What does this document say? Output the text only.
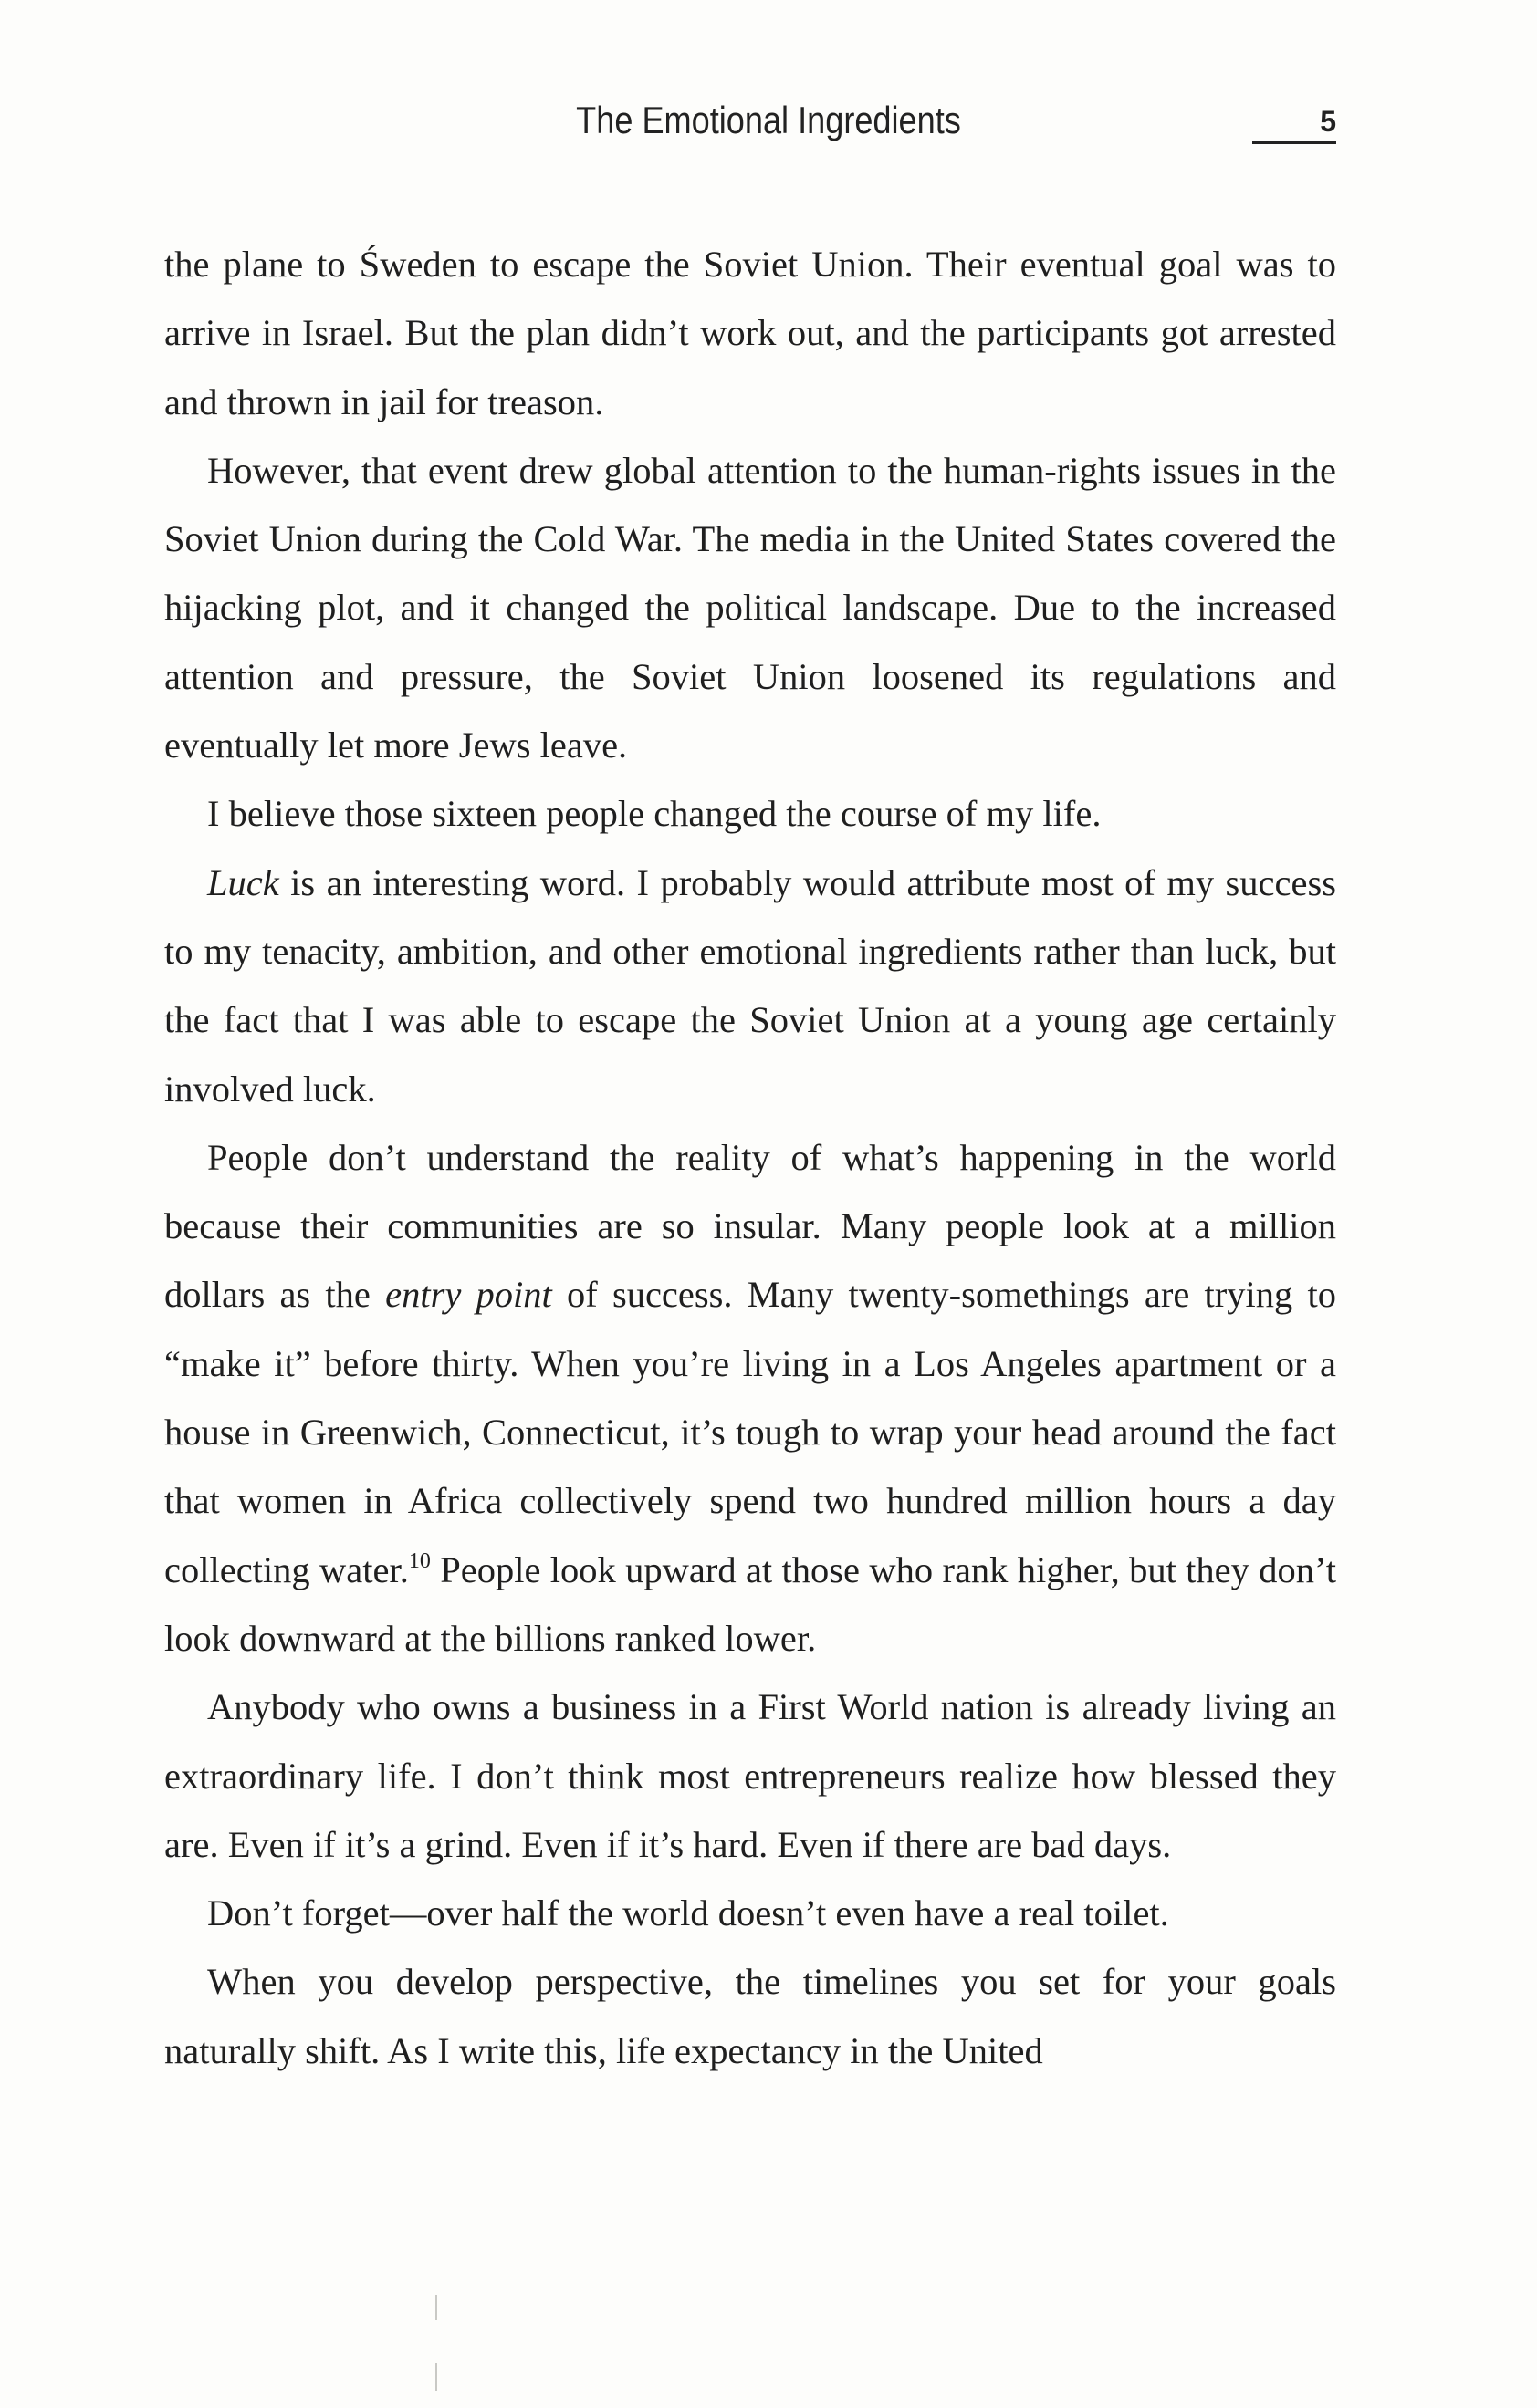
The Emotional Ingredients	5

the plane to Śweden to escape the Soviet Union. Their eventual goal was to arrive in Israel. But the plan didn’t work out, and the participants got arrested and thrown in jail for treason.

However, that event drew global attention to the human-rights issues in the Soviet Union during the Cold War. The media in the United States covered the hijacking plot, and it changed the political landscape. Due to the increased attention and pressure, the Soviet Union loosened its regulations and eventually let more Jews leave.

I believe those sixteen people changed the course of my life.

Luck is an interesting word. I probably would attribute most of my success to my tenacity, ambition, and other emotional ingredients rather than luck, but the fact that I was able to escape the Soviet Union at a young age certainly involved luck.

People don’t understand the reality of what’s happening in the world because their communities are so insular. Many people look at a million dollars as the entry point of success. Many twenty-somethings are trying to “make it” before thirty. When you’re living in a Los Angeles apartment or a house in Greenwich, Connecticut, it’s tough to wrap your head around the fact that women in Africa collectively spend two hundred million hours a day collecting water.$^{10}$ People look upward at those who rank higher, but they don’t look downward at the billions ranked lower.

Anybody who owns a business in a First World nation is already living an extraordinary life. I don’t think most entrepreneurs realize how blessed they are. Even if it’s a grind. Even if it’s hard. Even if there are bad days.

Don’t forget—over half the world doesn’t even have a real toilet.

When you develop perspective, the timelines you set for your goals naturally shift. As I write this, life expectancy in the United
